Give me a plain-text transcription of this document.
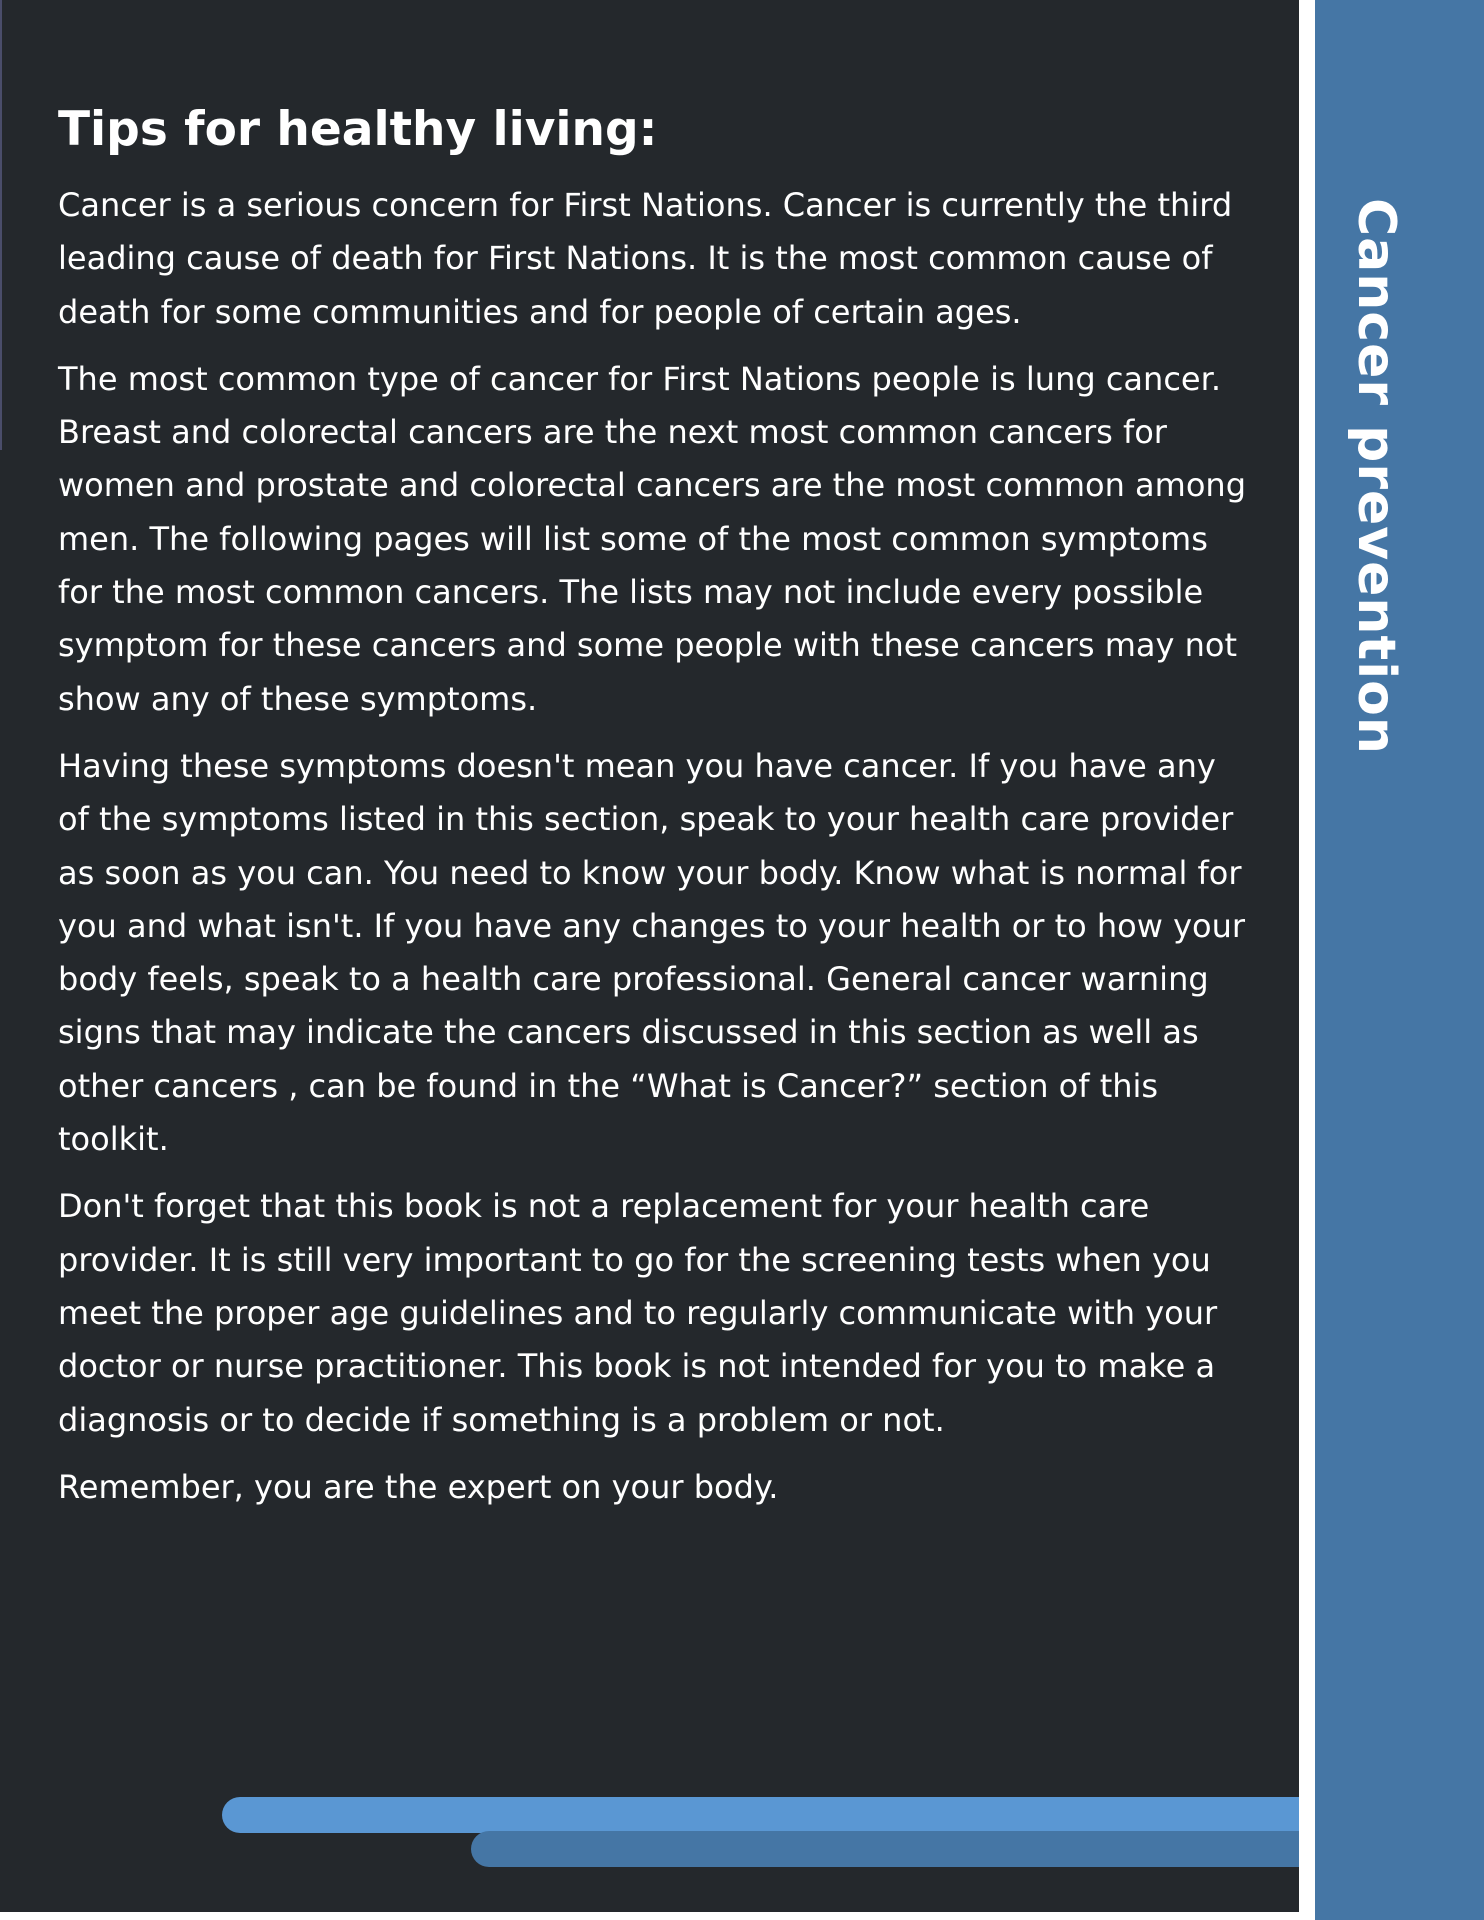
Tips for healthy living:

Cancer is a serious concern for First Nations. Cancer is currently the third leading cause of death for First Nations. It is the most common cause of death for some communities and for people of certain ages.

The most common type of cancer for First Nations people is lung cancer. Breast and colorectal cancers are the next most common cancers for women and prostate and colorectal cancers are the most common among men. The following pages will list some of the most common symptoms for the most common cancers. The lists may not include every possible symptom for these cancers and some people with these cancers may not show any of these symptoms.

Having these symptoms doesn't mean you have cancer. If you have any of the symptoms listed in this section, speak to your health care provider as soon as you can. You need to know your body. Know what is normal for you and what isn't. If you have any changes to your health or to how your body feels, speak to a health care professional. General cancer warning signs that may indicate the cancers discussed in this section as well as other cancers , can be found in the “What is Cancer?” section of this toolkit.

Don't forget that this book is not a replacement for your health care provider. It is still very important to go for the screening tests when you meet the proper age guidelines and to regularly communicate with your doctor or nurse practitioner. This book is not intended for you to make a diagnosis or to decide if something is a problem or not.

Remember, you are the expert on your body.

Cancer prevention
